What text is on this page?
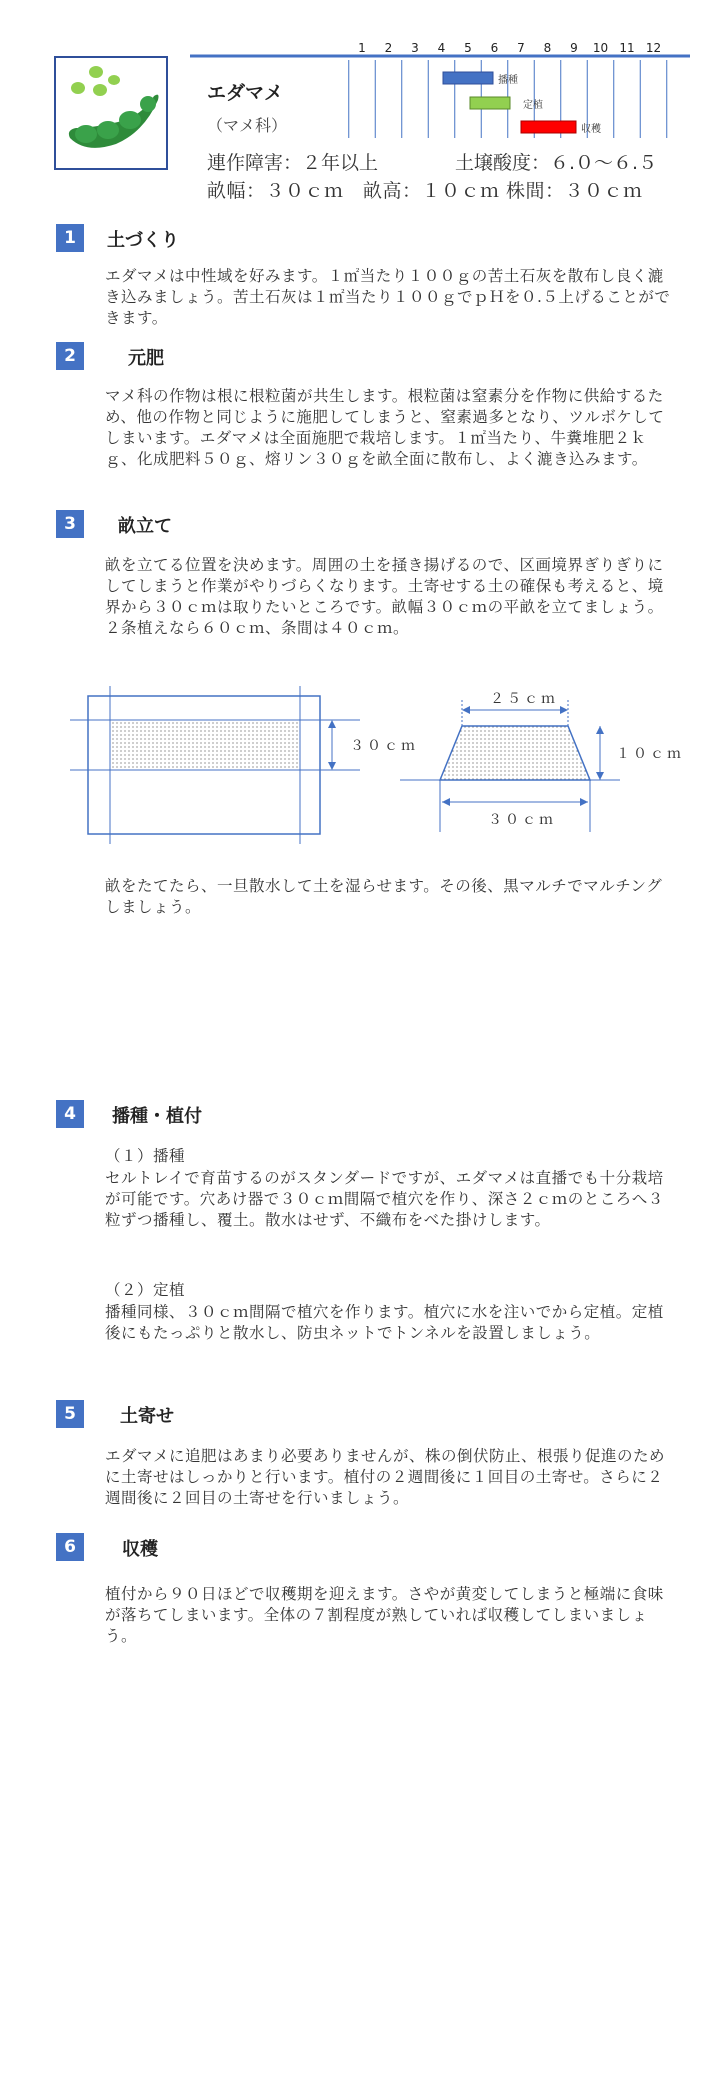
エダマメ
（マメ科）
連作障害：２年以上	土壌酸度：６.０～６.５
畝幅：３０ｃｍ　畝高：１０ｃｍ 株間：３０ｃｍ
1 2 3 4 5 6 7 8 9 10 11 12
播種
定植
収穫
1	土づくり
エダマメは中性域を好みます。１㎡当たり１００ｇの苦土石灰を散布し良く漉き込みましょう。苦土石灰は１㎡当たり１００ｇでｐＨを０.５上げることができます。
2	元肥
マメ科の作物は根に根粒菌が共生します。根粒菌は窒素分を作物に供給するため、他の作物と同じように施肥してしまうと、窒素過多となり、ツルボケしてしまいます。エダマメは全面施肥で栽培します。１㎡当たり、牛糞堆肥２ｋｇ、化成肥料５０ｇ、熔リン３０ｇを畝全面に散布し、よく漉き込みます。
3	畝立て
畝を立てる位置を決めます。周囲の土を掻き揚げるので、区画境界ぎりぎりにしてしまうと作業がやりづらくなります。土寄せする土の確保も考えると、境界から３０ｃｍは取りたいところです。畝幅３０ｃｍの平畝を立てましょう。２条植えなら６０ｃｍ、条間は４０ｃｍ。
３０ｃｍ
２５ｃｍ
１０ｃｍ
３０ｃｍ
畝をたてたら、一旦散水して土を湿らせます。その後、黒マルチでマルチングしましょう。
4	播種・植付
（１）播種
セルトレイで育苗するのがスタンダードですが、エダマメは直播でも十分栽培が可能です。穴あけ器で３０ｃｍ間隔で植穴を作り、深さ２ｃｍのところへ３粒ずつ播種し、覆土。散水はせず、不織布をべた掛けします。
（２）定植
播種同様、３０ｃｍ間隔で植穴を作ります。植穴に水を注いでから定植。定植後にもたっぷりと散水し、防虫ネットでトンネルを設置しましょう。
5	土寄せ
エダマメに追肥はあまり必要ありませんが、株の倒伏防止、根張り促進のために土寄せはしっかりと行います。植付の２週間後に１回目の土寄せ。さらに２週間後に２回目の土寄せを行いましょう。
6	収穫
植付から９０日ほどで収穫期を迎えます。さやが黄変してしまうと極端に食味が落ちてしまいます。全体の７割程度が熟していれば収穫してしまいましょう。
